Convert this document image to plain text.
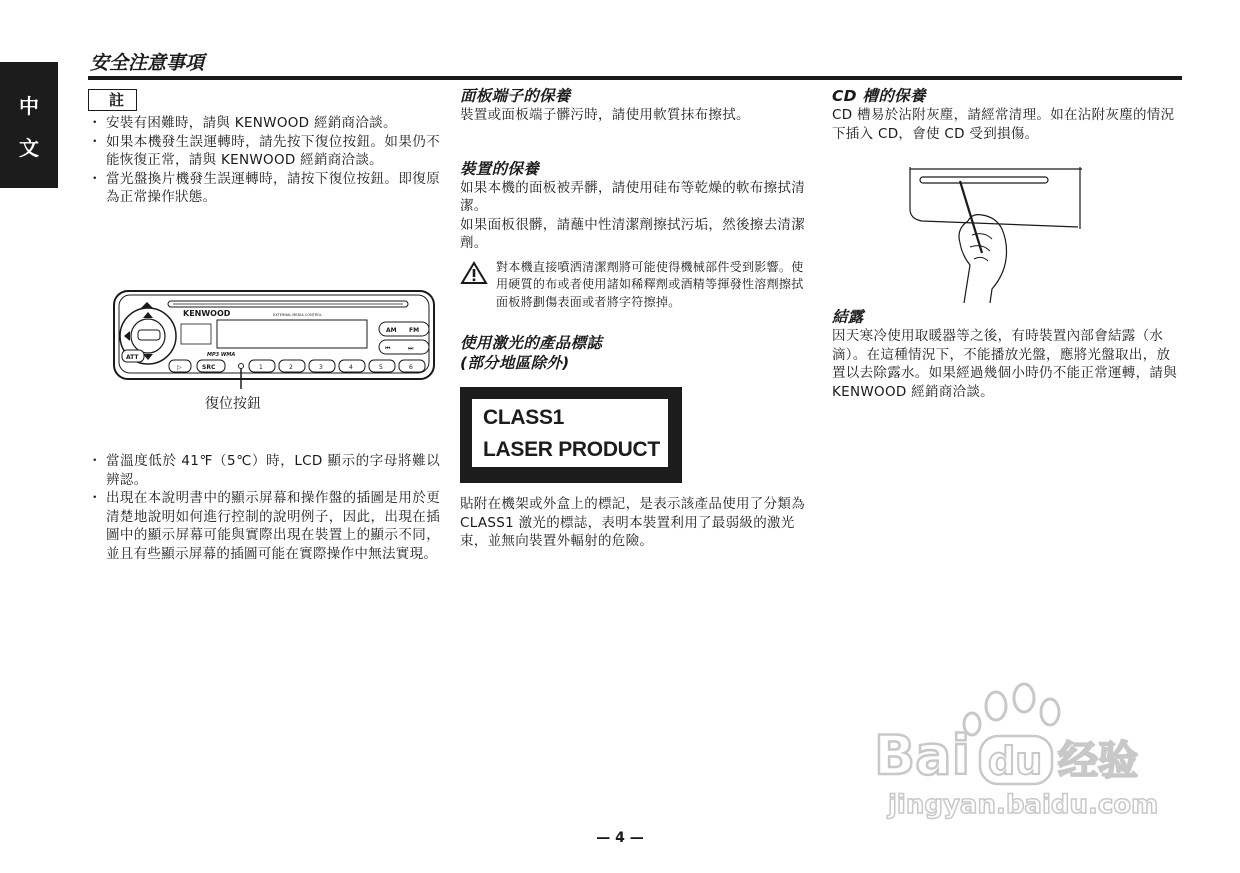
中
文
安全注意事項
註
・ 安裝有困難時，請與 KENWOOD 經銷商洽談。
・ 如果本機發生誤運轉時，請先按下復位按鈕。如果仍不能恢復正常，請與 KENWOOD 經銷商洽談。
・ 當光盤換片機發生誤運轉時，請按下復位按鈕。即復原為正常操作狀態。
KENWOOD	EXTERNAL MEDIA CONTROL
AM FM
⏮	⏭
ATT	MP3 WMA
▷	SRC	1	2	3	4	5	6
復位按鈕
・ 當溫度低於 41℉（5℃）時，LCD 顯示的字母將難以辨認。
・ 出現在本說明書中的顯示屏幕和操作盤的插圖是用於更清楚地說明如何進行控制的說明例子，因此，出現在插圖中的顯示屏幕可能與實際出現在裝置上的顯示不同，並且有些顯示屏幕的插圖可能在實際操作中無法實現。
面板端子的保養

裝置或面板端子髒污時，請使用軟質抹布擦拭。

裝置的保養

如果本機的面板被弄髒，請使用硅布等乾燥的軟布擦拭清潔。

如果面板很髒，請蘸中性清潔劑擦拭污垢，然後擦去清潔劑。

對本機直接噴洒清潔劑將可能使得機械部件受到影響。使用硬質的布或者使用諸如稀釋劑或酒精等揮發性溶劑擦拭面板將劃傷表面或者將字符擦掉。
使用激光的產品標誌
(部分地區除外)
CLASS1
LASER PRODUCT

貼附在機架或外盒上的標記，是表示該產品使用了分類為 CLASS1 激光的標誌，表明本裝置利用了最弱級的激光束，並無向裝置外輻射的危險。

CD 槽的保養

CD 槽易於沾附灰塵，請經常清理。如在沾附灰塵的情況下插入 CD，會使 CD 受到損傷。

結露

因天寒冷使用取暖器等之後，有時裝置內部會結露（水滴）。在這種情況下，不能播放光盤，應將光盤取出，放置以去除露水。如果經過幾個小時仍不能正常運轉，請與 KENWOOD 經銷商洽談。

— 4 —
Bai du 经验
jingyan.baidu.com
